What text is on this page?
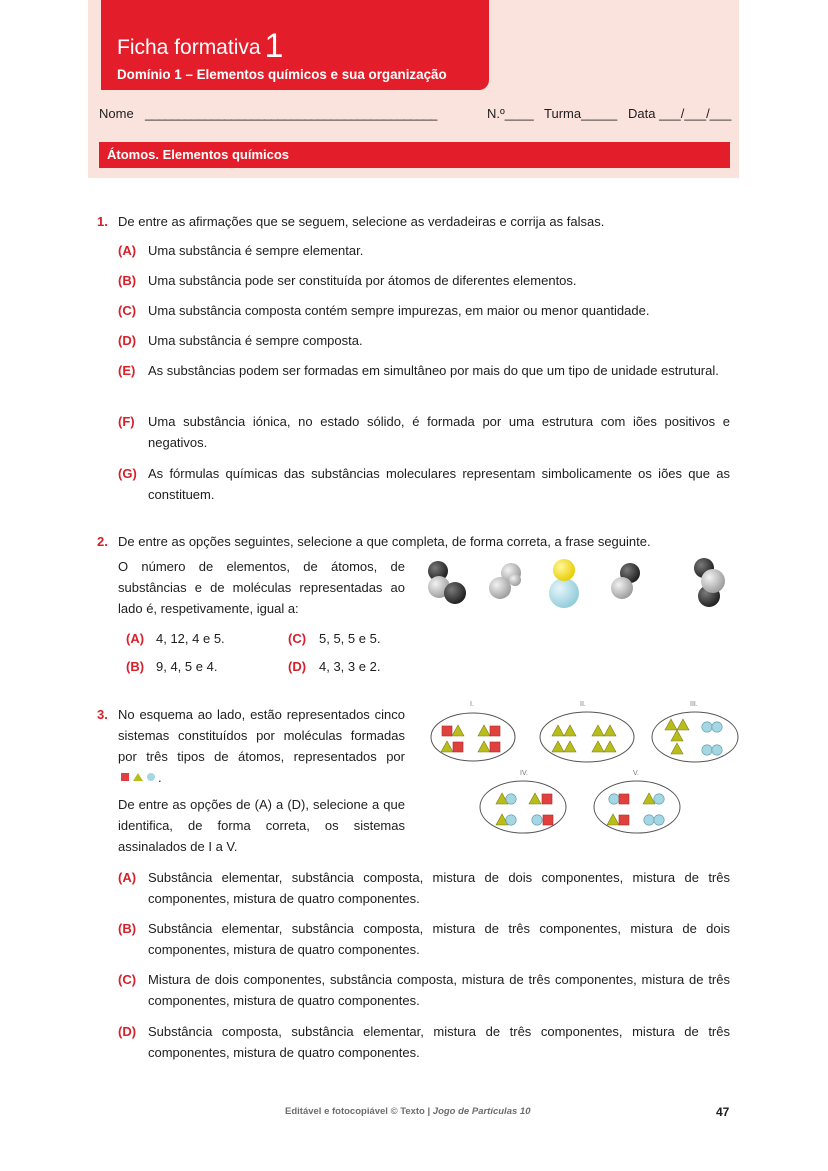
Ficha formativa 1
Domínio 1 – Elementos químicos e sua organização
Nome ____________________________________________	N.º____ Turma_____ Data ___/___/___
Átomos. Elementos químicos
1. De entre as afirmações que se seguem, selecione as verdadeiras e corrija as falsas.
(A) Uma substância é sempre elementar.
(B) Uma substância pode ser constituída por átomos de diferentes elementos.
(C) Uma substância composta contém sempre impurezas, em maior ou menor quantidade.
(D) Uma substância é sempre composta.
(E) As substâncias podem ser formadas em simultâneo por mais do que um tipo de unidade estrutural.
(F) Uma substância iónica, no estado sólido, é formada por uma estrutura com iões positivos e negativos.
(G) As fórmulas químicas das substâncias moleculares representam simbolicamente os iões que as constituem.
2. De entre as opções seguintes, selecione a que completa, de forma correta, a frase seguinte.
O número de elementos, de átomos, de substâncias e de moléculas representadas ao lado é, respetivamente, igual a:
(A) 4, 12, 4 e 5.
(B) 9, 4, 5 e 4.
(C) 5, 5, 5 e 5.
(D) 4, 3, 3 e 2.
3. No esquema ao lado, estão representados cinco sistemas constituídos por moléculas formadas por três tipos de átomos, representados por.
De entre as opções de (A) a (D), selecione a que identifica, de forma correta, os sistemas assinalados de I a V.
I.	II.	III.
IV.	V.
(A) Substância elementar, substância composta, mistura de dois componentes, mistura de três componentes, mistura de quatro componentes.
(B) Substância elementar, substância composta, mistura de três componentes, mistura de dois componentes, mistura de quatro componentes.
(C) Mistura de dois componentes, substância composta, mistura de três componentes, mistura de três componentes, mistura de quatro componentes.
(D) Substância composta, substância elementar, mistura de três componentes, mistura de três componentes, mistura de quatro componentes.
Editável e fotocopiável © Texto | Jogo de Partículas 10	47
